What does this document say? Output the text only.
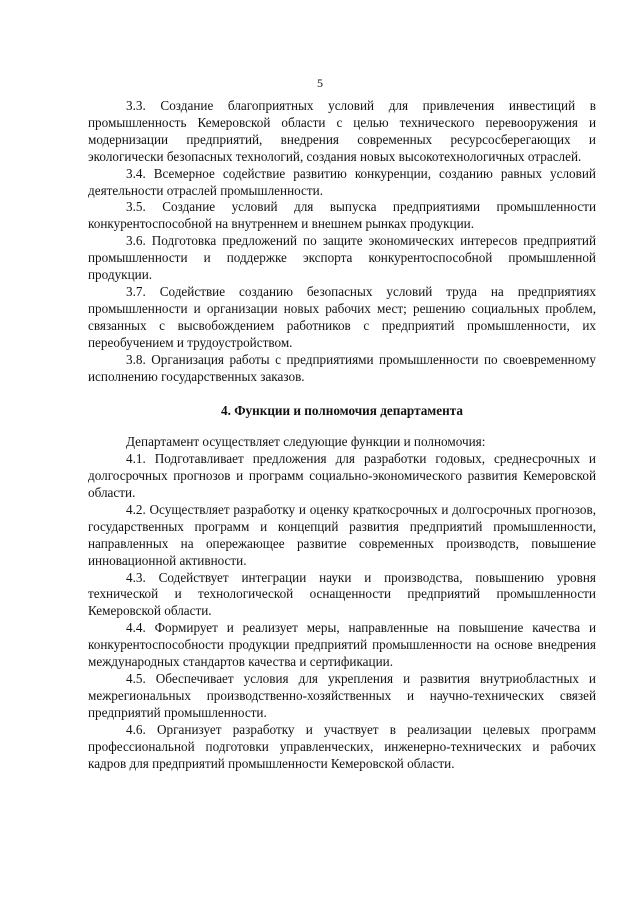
5

3.3. Создание благоприятных условий для привлечения инвестиций в промышленность Кемеровской области с целью технического перевооружения и модернизации предприятий, внедрения современных ресурсосберегающих и экологически безопасных технологий, создания новых высокотехнологичных отраслей.

3.4. Всемерное содействие развитию конкуренции, созданию равных условий деятельности отраслей промышленности.

3.5. Создание условий для выпуска предприятиями промышленности конкурентоспособной на внутреннем и внешнем рынках продукции.

3.6. Подготовка предложений по защите экономических интересов предприятий промышленности и поддержке экспорта конкурентоспособной промышленной продукции.

3.7. Содействие созданию безопасных условий труда на предприятиях промышленности и организации новых рабочих мест; решению социальных проблем, связанных с высвобождением работников с предприятий промышленности, их переобучением и трудоустройством.

3.8. Организация работы с предприятиями промышленности по своевременному исполнению государственных заказов.

4. Функции и полномочия департамента

Департамент осуществляет следующие функции и полномочия:

4.1. Подготавливает предложения для разработки годовых, среднесрочных и долгосрочных прогнозов и программ социально-экономического развития Кемеровской области.

4.2. Осуществляет разработку и оценку краткосрочных и долгосрочных прогнозов, государственных программ и концепций развития предприятий промышленности, направленных на опережающее развитие современных производств, повышение инновационной активности.

4.3. Содействует интеграции науки и производства, повышению уровня технической и технологической оснащенности предприятий промышленности Кемеровской области.

4.4. Формирует и реализует меры, направленные на повышение качества и конкурентоспособности продукции предприятий промышленности на основе внедрения международных стандартов качества и сертификации.

4.5. Обеспечивает условия для укрепления и развития внутриобластных и межрегиональных производственно-хозяйственных и научно-технических связей предприятий промышленности.

4.6. Организует разработку и участвует в реализации целевых программ профессиональной подготовки управленческих, инженерно-технических и рабочих кадров для предприятий промышленности Кемеровской области.
